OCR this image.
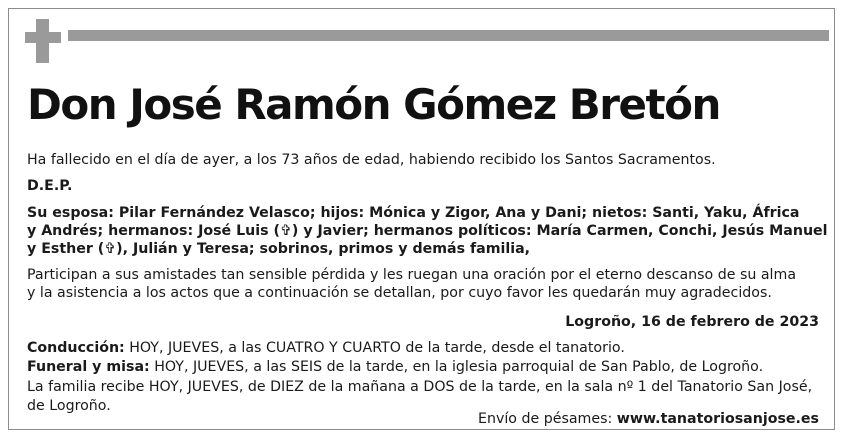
Don José Ramón Gómez Bretón
Ha fallecido en el día de ayer, a los 73 años de edad, habiendo recibido los Santos Sacramentos.
D.E.P.
Su esposa: Pilar Fernández Velasco; hijos: Mónica y Zigor, Ana y Dani; nietos: Santi, Yaku, África
y Andrés; hermanos: José Luis (✞) y Javier; hermanos políticos: María Carmen, Conchi, Jesús Manuel
y Esther (✞), Julián y Teresa; sobrinos, primos y demás familia,
Participan a sus amistades tan sensible pérdida y les ruegan una oración por el eterno descanso de su alma
y la asistencia a los actos que a continuación se detallan, por cuyo favor les quedarán muy agradecidos.
Logroño, 16 de febrero de 2023
Conducción: HOY, JUEVES, a las CUATRO Y CUARTO de la tarde, desde el tanatorio.
Funeral y misa: HOY, JUEVES, a las SEIS de la tarde, en la iglesia parroquial de San Pablo, de Logroño.
La familia recibe HOY, JUEVES, de DIEZ de la mañana a DOS de la tarde, en la sala nº 1 del Tanatorio San José,
de Logroño.
Envío de pésames: www.tanatoriosanjose.es
